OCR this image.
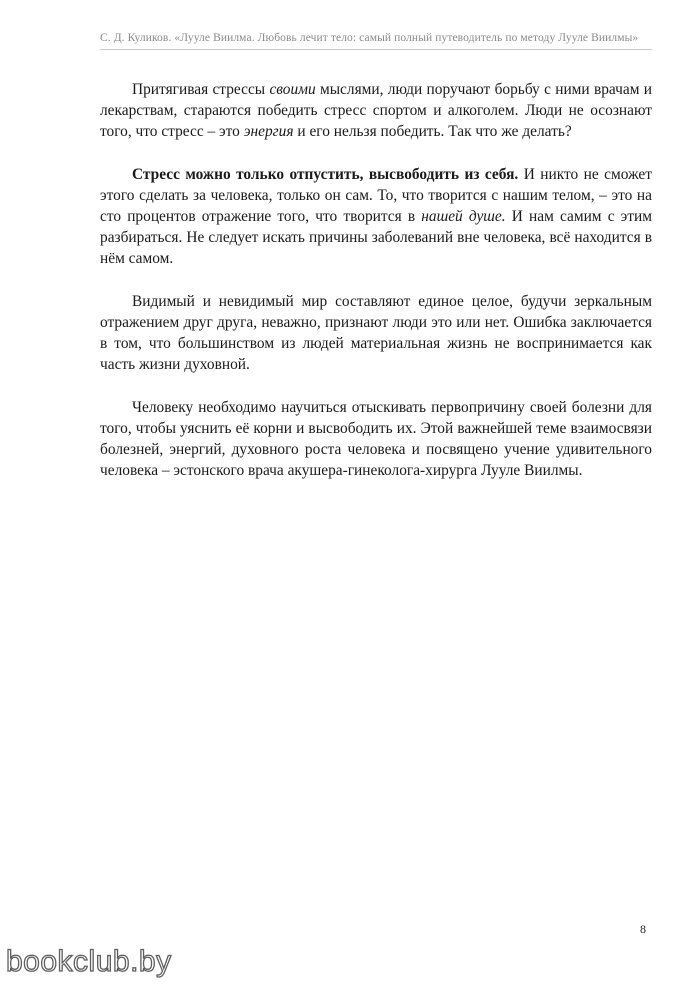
С. Д. Куликов. «Лууле Виилма. Любовь лечит тело: самый полный путеводитель по методу Лууле Виилмы»

Притягивая стрессы своими мыслями, люди поручают борьбу с ними врачам и лекарствам, стараются победить стресс спортом и алкоголем. Люди не осознают того, что стресс – это энергия и его нельзя победить. Так что же делать?

Стресс можно только отпустить, высвободить из себя. И никто не сможет этого сделать за человека, только он сам. То, что творится с нашим телом, – это на сто процентов отражение того, что творится в нашей душе. И нам самим с этим разбираться. Не следует искать причины заболеваний вне человека, всё находится в нём самом.

Видимый и невидимый мир составляют единое целое, будучи зеркальным отражением друг друга, неважно, признают люди это или нет. Ошибка заключается в том, что большинством из людей материальная жизнь не воспринимается как часть жизни духовной.

Человеку необходимо научиться отыскивать первопричину своей болезни для того, чтобы уяснить её корни и высвободить их. Этой важнейшей теме взаимосвязи болезней, энергий, духовного роста человека и посвящено учение удивительного человека – эстонского врача акушера-гинеколога-хирурга Лууле Виилмы.

8
bookclub.by
